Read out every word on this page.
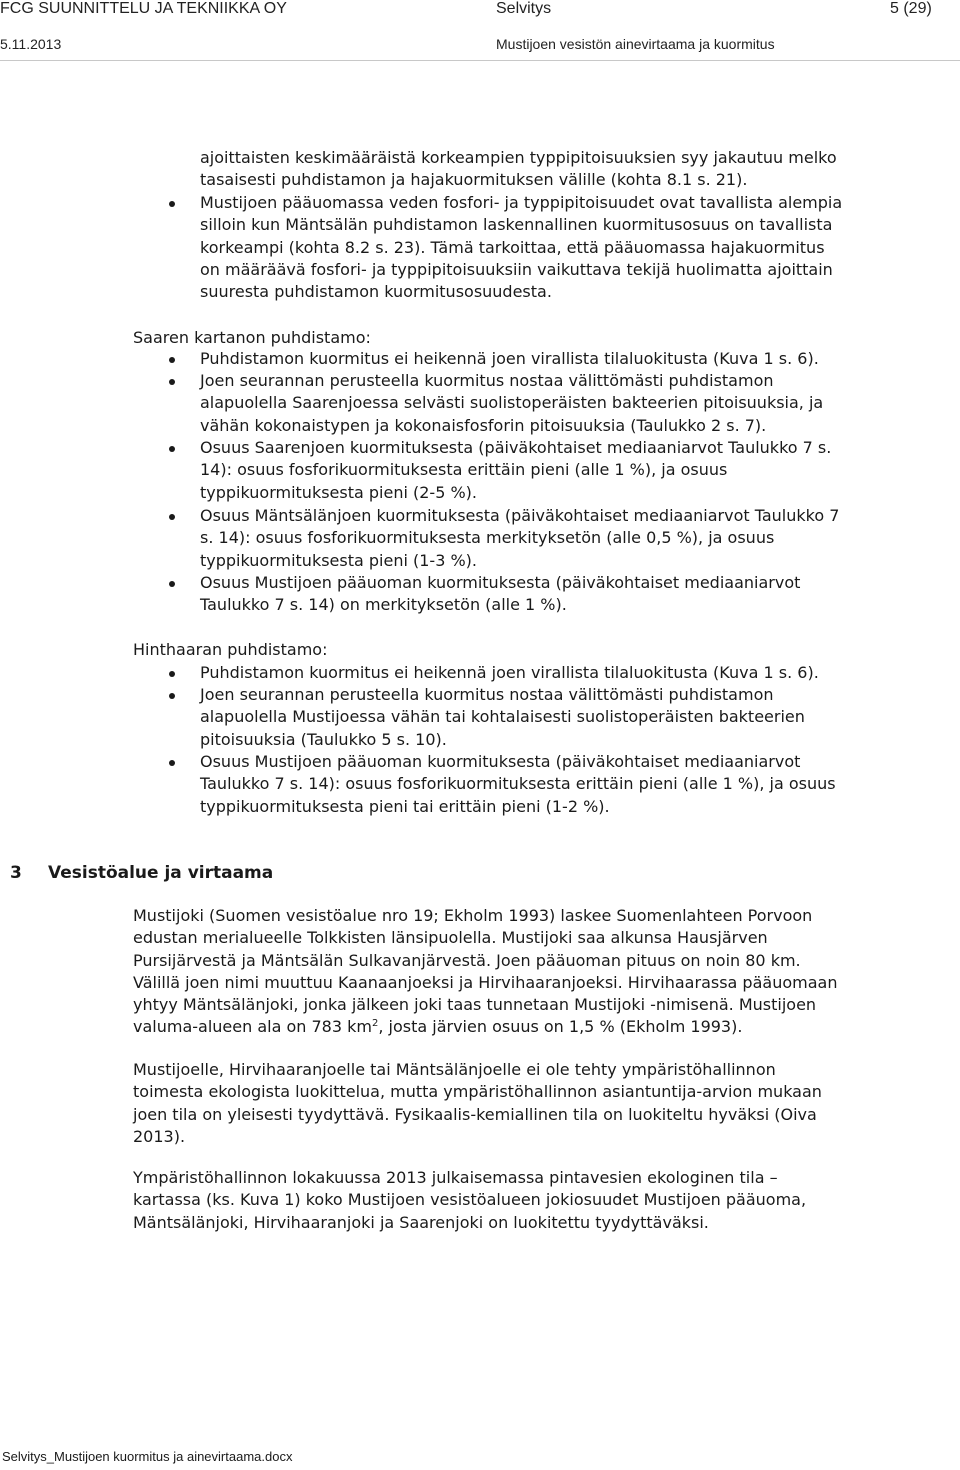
FCG SUUNNITTELU JA TEKNIIKKA OY	Selvitys	5 (29)
5.11.2013	Mustijoen vesistön ainevirtaama ja kuormitus
ajoittaisten keskimääräistä korkeampien typpipitoisuuksien syy jakautuu melko
tasaisesti puhdistamon ja hajakuormituksen välille (kohta 8.1 s. 21).
Mustijoen pääuomassa veden fosfori- ja typpipitoisuudet ovat tavallista alempia
silloin kun Mäntsälän puhdistamon laskennallinen kuormitusosuus on tavallista
korkeampi (kohta 8.2 s. 23). Tämä tarkoittaa, että pääuomassa hajakuormitus
on määräävä fosfori- ja typpipitoisuuksiin vaikuttava tekijä huolimatta ajoittain
suuresta puhdistamon kuormitusosuudesta.
Saaren kartanon puhdistamo:
Puhdistamon kuormitus ei heikennä joen virallista tilaluokitusta (Kuva 1 s. 6).
Joen seurannan perusteella kuormitus nostaa välittömästi puhdistamon
alapuolella Saarenjoessa selvästi suolistoperäisten bakteerien pitoisuuksia, ja
vähän kokonaistypen ja kokonaisfosforin pitoisuuksia (Taulukko 2 s. 7).
Osuus Saarenjoen kuormituksesta (päiväkohtaiset mediaaniarvot Taulukko 7 s.
14): osuus fosforikuormituksesta erittäin pieni (alle 1 %), ja osuus
typpikuormituksesta pieni (2-5 %).
Osuus Mäntsälänjoen kuormituksesta (päiväkohtaiset mediaaniarvot Taulukko 7
s. 14): osuus fosforikuormituksesta merkityksetön (alle 0,5 %), ja osuus
typpikuormituksesta pieni (1-3 %).
Osuus Mustijoen pääuoman kuormituksesta (päiväkohtaiset mediaaniarvot
Taulukko 7 s. 14) on merkityksetön (alle 1 %).
Hinthaaran puhdistamo:
Puhdistamon kuormitus ei heikennä joen virallista tilaluokitusta (Kuva 1 s. 6).
Joen seurannan perusteella kuormitus nostaa välittömästi puhdistamon
alapuolella Mustijoessa vähän tai kohtalaisesti suolistoperäisten bakteerien
pitoisuuksia (Taulukko 5 s. 10).
Osuus Mustijoen pääuoman kuormituksesta (päiväkohtaiset mediaaniarvot
Taulukko 7 s. 14): osuus fosforikuormituksesta erittäin pieni (alle 1 %), ja osuus
typpikuormituksesta pieni tai erittäin pieni (1-2 %).
3 Vesistöalue ja virtaama
Mustijoki (Suomen vesistöalue nro 19; Ekholm 1993) laskee Suomenlahteen Porvoon
edustan merialueelle Tolkkisten länsipuolella. Mustijoki saa alkunsa Hausjärven
Pursijärvestä ja Mäntsälän Sulkavanjärvestä. Joen pääuoman pituus on noin 80 km.
Välillä joen nimi muuttuu Kaanaanjoeksi ja Hirvihaaranjoeksi. Hirvihaarassa pääuomaan
yhtyy Mäntsälänjoki, jonka jälkeen joki taas tunnetaan Mustijoki -nimisenä. Mustijoen
valuma-alueen ala on 783 $km^2$, josta järvien osuus on 1,5 % (Ekholm 1993).
Mustijoelle, Hirvihaaranjoelle tai Mäntsälänjoelle ei ole tehty ympäristöhallinnon
toimesta ekologista luokittelua, mutta ympäristöhallinnon asiantuntija-arvion mukaan
joen tila on yleisesti tyydyttävä. Fysikaalis-kemiallinen tila on luokiteltu hyväksi (Oiva
2013).
Ympäristöhallinnon lokakuussa 2013 julkaisemassa pintavesien ekologinen tila –
kartassa (ks. Kuva 1) koko Mustijoen vesistöalueen jokiosuudet Mustijoen pääuoma,
Mäntsälänjoki, Hirvihaaranjoki ja Saarenjoki on luokitettu tyydyttäväksi.
Selvitys_Mustijoen kuormitus ja ainevirtaama.docx
